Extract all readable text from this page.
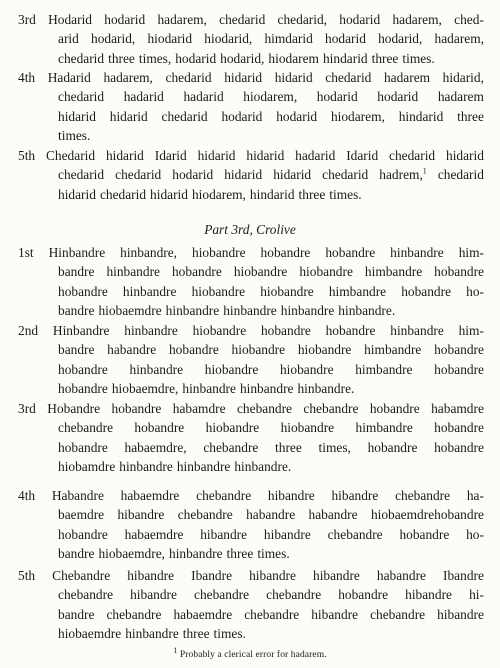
3rd Hodarid hodarid hadarem, chedarid chedarid, hodarid hadarem, ched-
arid hodarid, hiodarid hiodarid, himdarid hodarid hodarid, hadarem,
chedarid three times, hodarid hodarid, hiodarem hindarid three times.
4th Hadarid hadarem, chedarid hidarid hidarid chedarid hadarem hidarid,
chedarid hadarid hadarid hiodarem, hodarid hodarid hadarem
hidarid hidarid chedarid hodarid hodarid hiodarem, hindarid three
times.
5th Chedarid hidarid Idarid hidarid hidarid hadarid Idarid chedarid hidarid
chedarid chedarid hodarid hidarid hidarid chedarid hadrem,$^1$ chedarid
hidarid chedarid hidarid hiodarem, hindarid three times.
1st Hinbandre hinbandre, hiobandre hobandre hobandre hinbandre him-
bandre hinbandre hobandre hiobandre hiobandre himbandre hobandre
hobandre hinbandre hiobandre hiobandre himbandre hobandre ho-
bandre hiobaemdre hinbandre hinbandre hinbandre hinbandre.
2nd Hinbandre hinbandre hiobandre hobandre hobandre hinbandre him-
bandre habandre hobandre hiobandre hiobandre himbandre hobandre
hobandre hinbandre hiobandre hiobandre himbandre hobandre
hobandre hiobaemdre, hinbandre hinbandre hinbandre.
3rd Hobandre hobandre habamdre chebandre chebandre hobandre habamdre
chebandre hobandre hiobandre hiobandre himbandre hobandre
hobandre habaemdre, chebandre three times, hobandre hobandre
hiobamdre hinbandre hinbandre hinbandre.
4th Habandre habaemdre chebandre hibandre hibandre chebandre ha-
baemdre hibandre chebandre habandre habandre hiobaemdrehobandre
hobandre habaemdre hibandre hibandre chebandre hobandre ho-
bandre hiobaemdre, hinbandre three times.
5th Chebandre hibandre Ibandre hibandre hibandre habandre Ibandre
chebandre hibandre chebandre chebandre hobandre hibandre hi-
bandre chebandre habaemdre chebandre hibandre chebandre hibandre
hiobaemdre hinbandre three times.
Part 3rd, Crolive
$^1$ Probably a clerical error for hadarem.
